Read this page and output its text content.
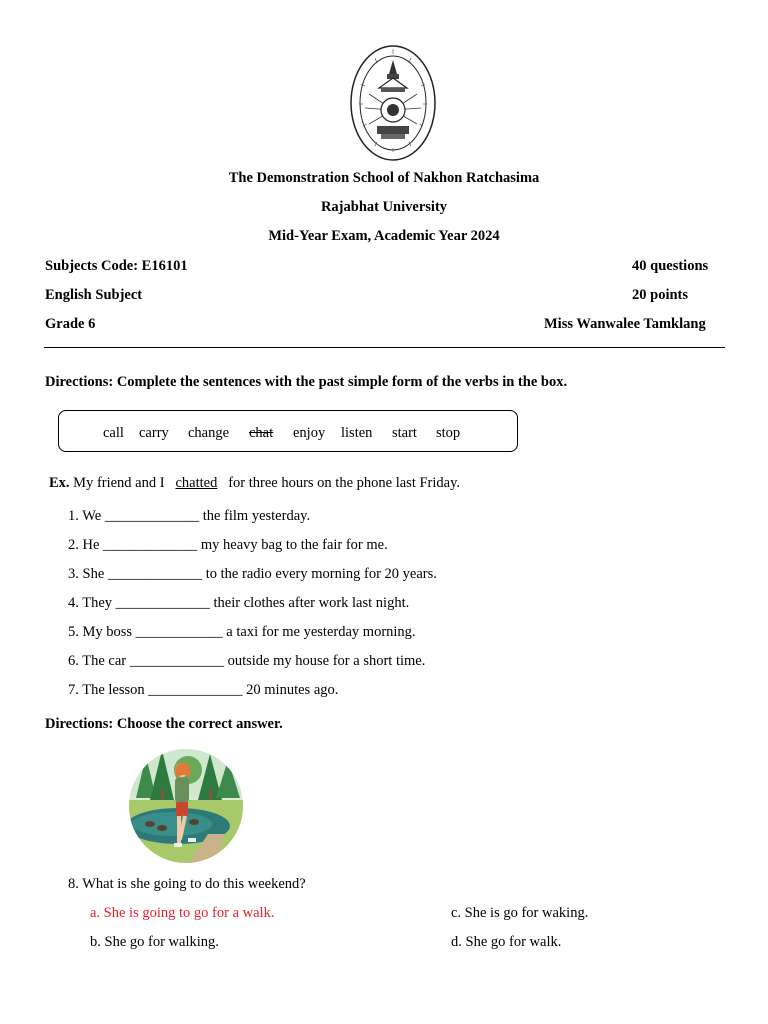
The Demonstration School of Nakhon Ratchasima
Rajabhat University
Mid-Year Exam, Academic Year 2024
Subjects Code: E16101
English Subject
Grade 6
40 questions
20 points
Miss Wanwalee Tamklang
Directions: Complete the sentences with the past simple form of the verbs in the box.
call carry change chat enjoy listen start stop
Ex. My friend and I chatted for three hours on the phone last Friday.
1. We _____________ the film yesterday.
2. He _____________ my heavy bag to the fair for me.
3. She _____________ to the radio every morning for 20 years.
4. They _____________ their clothes after work last night.
5. My boss ____________ a taxi for me yesterday morning.
6. The car _____________ outside my house for a short time.
7. The lesson _____________ 20 minutes ago.
Directions: Choose the correct answer.
8. What is she going to do this weekend?
a. She is going to go for a walk.
b. She go for walking.
c. She is go for waking.
d. She go for walk.
